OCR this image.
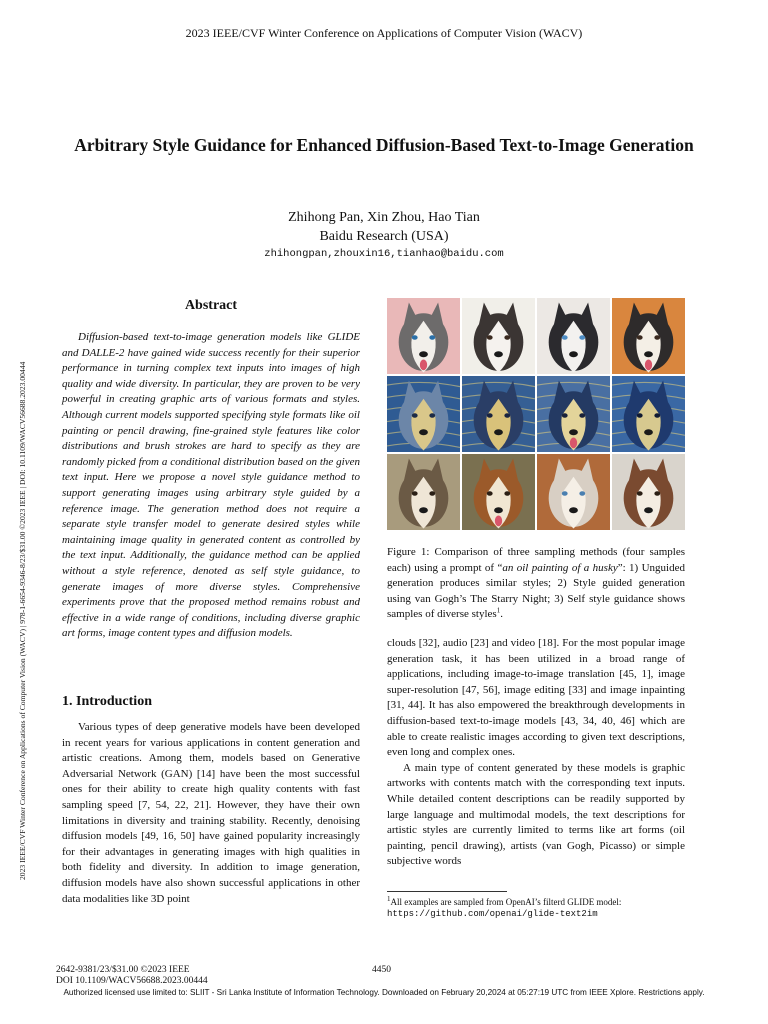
2023 IEEE/CVF Winter Conference on Applications of Computer Vision (WACV)
2023 IEEE/CVF Winter Conference on Applications of Computer Vision (WACV) | 978-1-6654-9346-8/23/$31.00 ©2023 IEEE | DOI: 10.1109/WACV56688.2023.00444
Arbitrary Style Guidance for Enhanced Diffusion-Based Text-to-Image Generation
Zhihong Pan, Xin Zhou, Hao Tian
Baidu Research (USA)
zhihongpan,zhouxin16,tianhao@baidu.com
Abstract

Diffusion-based text-to-image generation models like GLIDE and DALLE-2 have gained wide success recently for their superior performance in turning complex text inputs into images of high quality and wide diversity. In particular, they are proven to be very powerful in creating graphic arts of various formats and styles. Although current models supported specifying style formats like oil painting or pencil drawing, fine-grained style features like color distributions and brush strokes are hard to specify as they are randomly picked from a conditional distribution based on the given text input. Here we propose a novel style guidance method to support generating images using arbitrary style guided by a reference image. The generation method does not require a separate style transfer model to generate desired styles while maintaining image quality in generated content as controlled by the text input. Additionally, the guidance method can be applied without a style reference, denoted as self style guidance, to generate images of more diverse styles. Comprehensive experiments prove that the proposed method remains robust and effective in a wide range of conditions, including diverse graphic art forms, image content types and diffusion models.

1. Introduction

Various types of deep generative models have been developed in recent years for various applications in content generation and artistic creations. Among them, models based on Generative Adversarial Network (GAN) [14] have been the most successful ones for their ability to create high quality contents with fast sampling speed [7, 54, 22, 21]. However, they have their own limitations in diversity and training stability. Recently, denoising diffusion models [49, 16, 50] have gained popularity increasingly for their advantages in generating images with high qualities in both fidelity and diversity. In addition to image generation, diffusion models have also shown successful applications in other data modalities like 3D point

Figure 1: Comparison of three sampling methods (four samples each) using a prompt of “an oil painting of a husky”: 1) Unguided generation produces similar styles; 2) Style guided generation using van Gogh’s The Starry Night; 3) Self style guidance shows samples of diverse styles$^1$.

clouds [32], audio [23] and video [18]. For the most popular image generation task, it has been utilized in a broad range of applications, including image-to-image translation [45, 1], image super-resolution [47, 56], image editing [33] and image inpainting [31, 44]. It has also empowered the breakthrough developments in diffusion-based text-to-image models [43, 34, 40, 46] which are able to create realistic images according to given text descriptions, even long and complex ones.

A main type of content generated by these models is graphic artworks with contents match with the corresponding text inputs. While detailed content descriptions can be readily supported by large language and multimodal models, the text descriptions for artistic styles are currently limited to terms like art forms (oil painting, pencil drawing), artists (van Gogh, Picasso) or simple subjective words

$^1$All examples are sampled from OpenAI’s filterd GLIDE model:
https://github.com/openai/glide-text2im
2642-9381/23/$31.00 ©2023 IEEE
DOI 10.1109/WACV56688.2023.00444
4450
Authorized licensed use limited to: SLIIT - Sri Lanka Institute of Information Technology. Downloaded on February 20,2024 at 05:27:19 UTC from IEEE Xplore. Restrictions apply.
